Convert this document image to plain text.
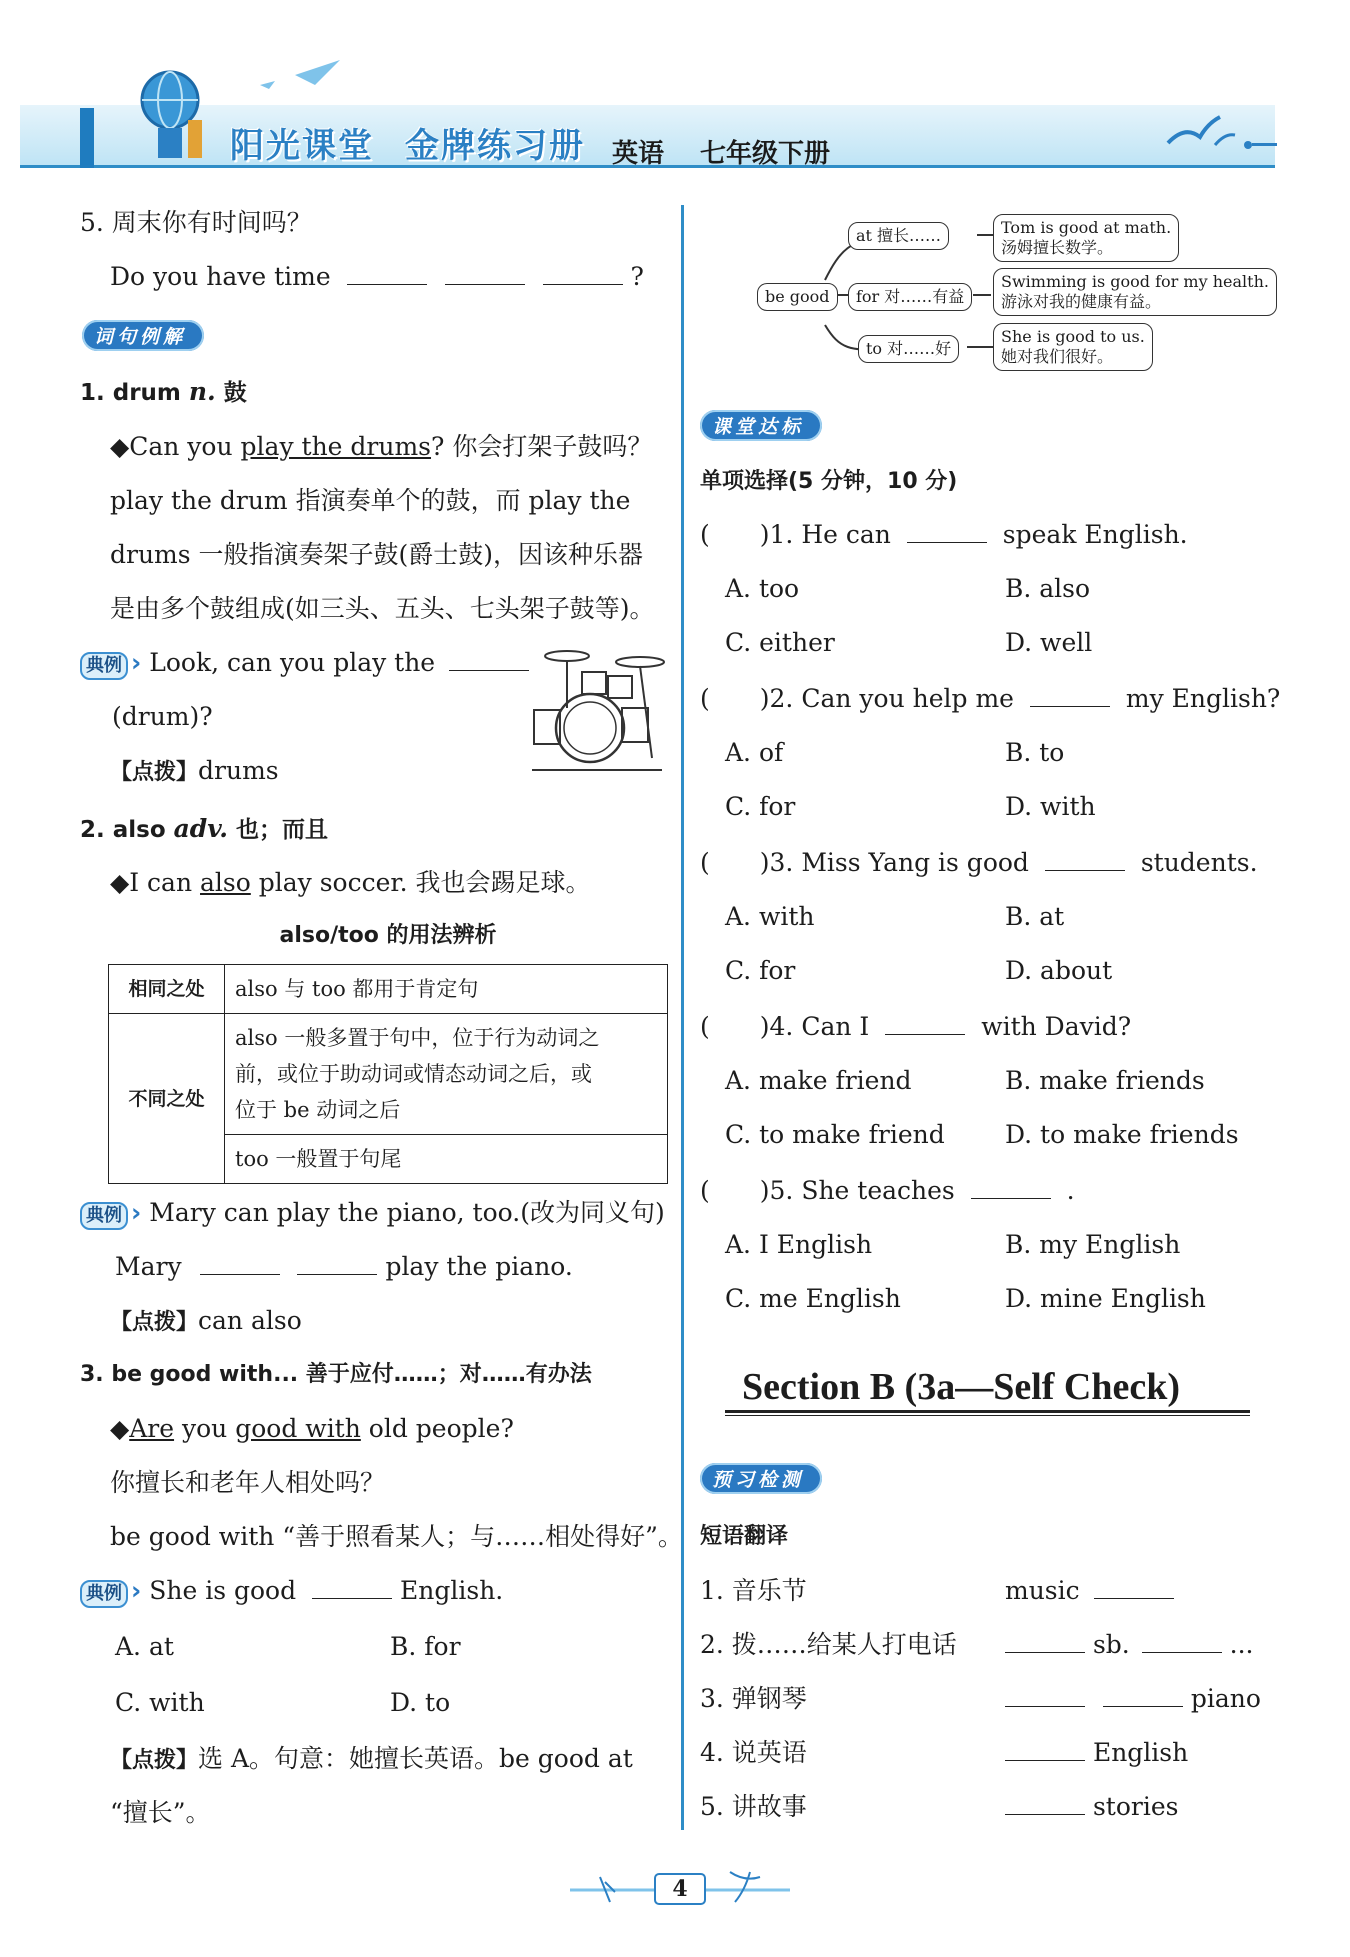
阳光课堂 金牌练习册 英语 七年级下册
5. 周末你有时间吗？
Do you have time	?
词句例解
1. drum n. 鼓
◆Can you play the drums? 你会打架子鼓吗？
play the drum 指演奏单个的鼓，而 play the
drums 一般指演奏架子鼓(爵士鼓)，因该种乐器
是由多个鼓组成(如三头、五头、七头架子鼓等)。
典例 › Look, can you play the
(drum)?
【点拨】drums
2. also adv. 也；而且
◆I can also play soccer. 我也会踢足球。
also/too 的用法辨析
相同之处	also 与 too 都用于肯定句
不同之处	also 一般多置于句中，位于行为动词之
前，或位于助动词或情态动词之后，或
位于 be 动词之后

	too 一般置于句尾
典例 › Mary can play the piano, too.(改为同义句)
Mary	play the piano.
【点拨】can also
3. be good with... 善于应付……；对……有办法
◆Are you good with old people?
你擅长和老年人相处吗？
be good with “善于照看某人；与……相处得好”。
典例 › She is good	English.
A. at	B. for
C. with	D. to
【点拨】选 A。句意：她擅长英语。be good at
“擅长”。
be good
at 擅长……
for 对……有益
to 对……好
Tom is good at math.
汤姆擅长数学。
Swimming is good for my health.
游泳对我的健康有益。
She is good to us.
她对我们很好。
课堂达标
单项选择(5 分钟，10 分)
( )1. He can	speak English.
A. too	B. also
C. either	D. well
( )2. Can you help me	my English?
A. of	B. to
C. for	D. with
( )3. Miss Yang is good	students.
A. with	B. at
C. for	D. about
( )4. Can I	with David?
A. make friend	B. make friends
C. to make friend D. to make friends
( )5. She teaches	.
A. I English	B. my English
C. me English	D. mine English
Section B (3a—Self Check)
预习检测
短语翻译
1. 音乐节	music
2. 拨……给某人打电话	sb.	...
3. 弹钢琴	piano
4. 说英语	English
5. 讲故事	stories
4
